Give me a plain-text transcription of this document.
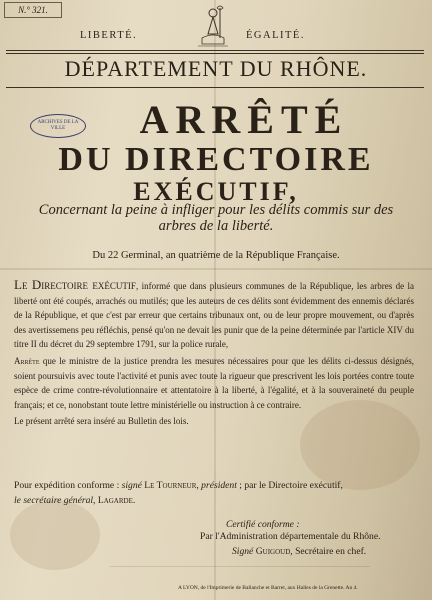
N.° 321.
LIBERTÉ.	ÉGALITÉ.
DÉPARTEMENT DU RHÔNE.
ARCHIVES DE LA VILLE	ARRÊTÉ
DU DIRECTOIRE
EXÉCUTIF,
Concernant la peine à infliger pour les délits commis sur des arbres de la liberté.
Du 22 Germinal, an quatrième de la République Française.

Le Directoire exécutif, informé que dans plusieurs communes de la République, les arbres de la liberté ont été coupés, arrachés ou mutilés; que les auteurs de ces délits sont évidemment des ennemis déclarés de la République, et que c'est par erreur que certains tribunaux ont, ou de leur propre mouvement, ou d'après des avertissemens peu réfléchis, pensé qu'on ne devait les punir que de la peine déterminée par l'article XIV du titre II du décret du 29 septembre 1791, sur la police rurale,

Arrête que le ministre de la justice prendra les mesures nécessaires pour que les délits ci-dessus désignés, soient poursuivis avec toute l'activité et punis avec toute la rigueur que prescrivent les lois portées contre toute espèce de crime contre-révolutionnaire et attentatoire à la liberté, à l'égalité, et à la souveraineté du peuple français; et ce, nonobstant toute lettre ministérielle ou instruction à ce contraire.

Le présent arrêté sera inséré au Bulletin des lois.

Pour expédition conforme : signé Le Tourneur, président ; par le Directoire exécutif,
le secrétaire général, Lagarde.
Certifié conforme :
Par l'Administration départementale du Rhône.
Signé Guigoud, Secrétaire en chef.
A LYON, de l'Imprimerie de Ballanche et Barret, aux Halles de la Grenette. An 4.
